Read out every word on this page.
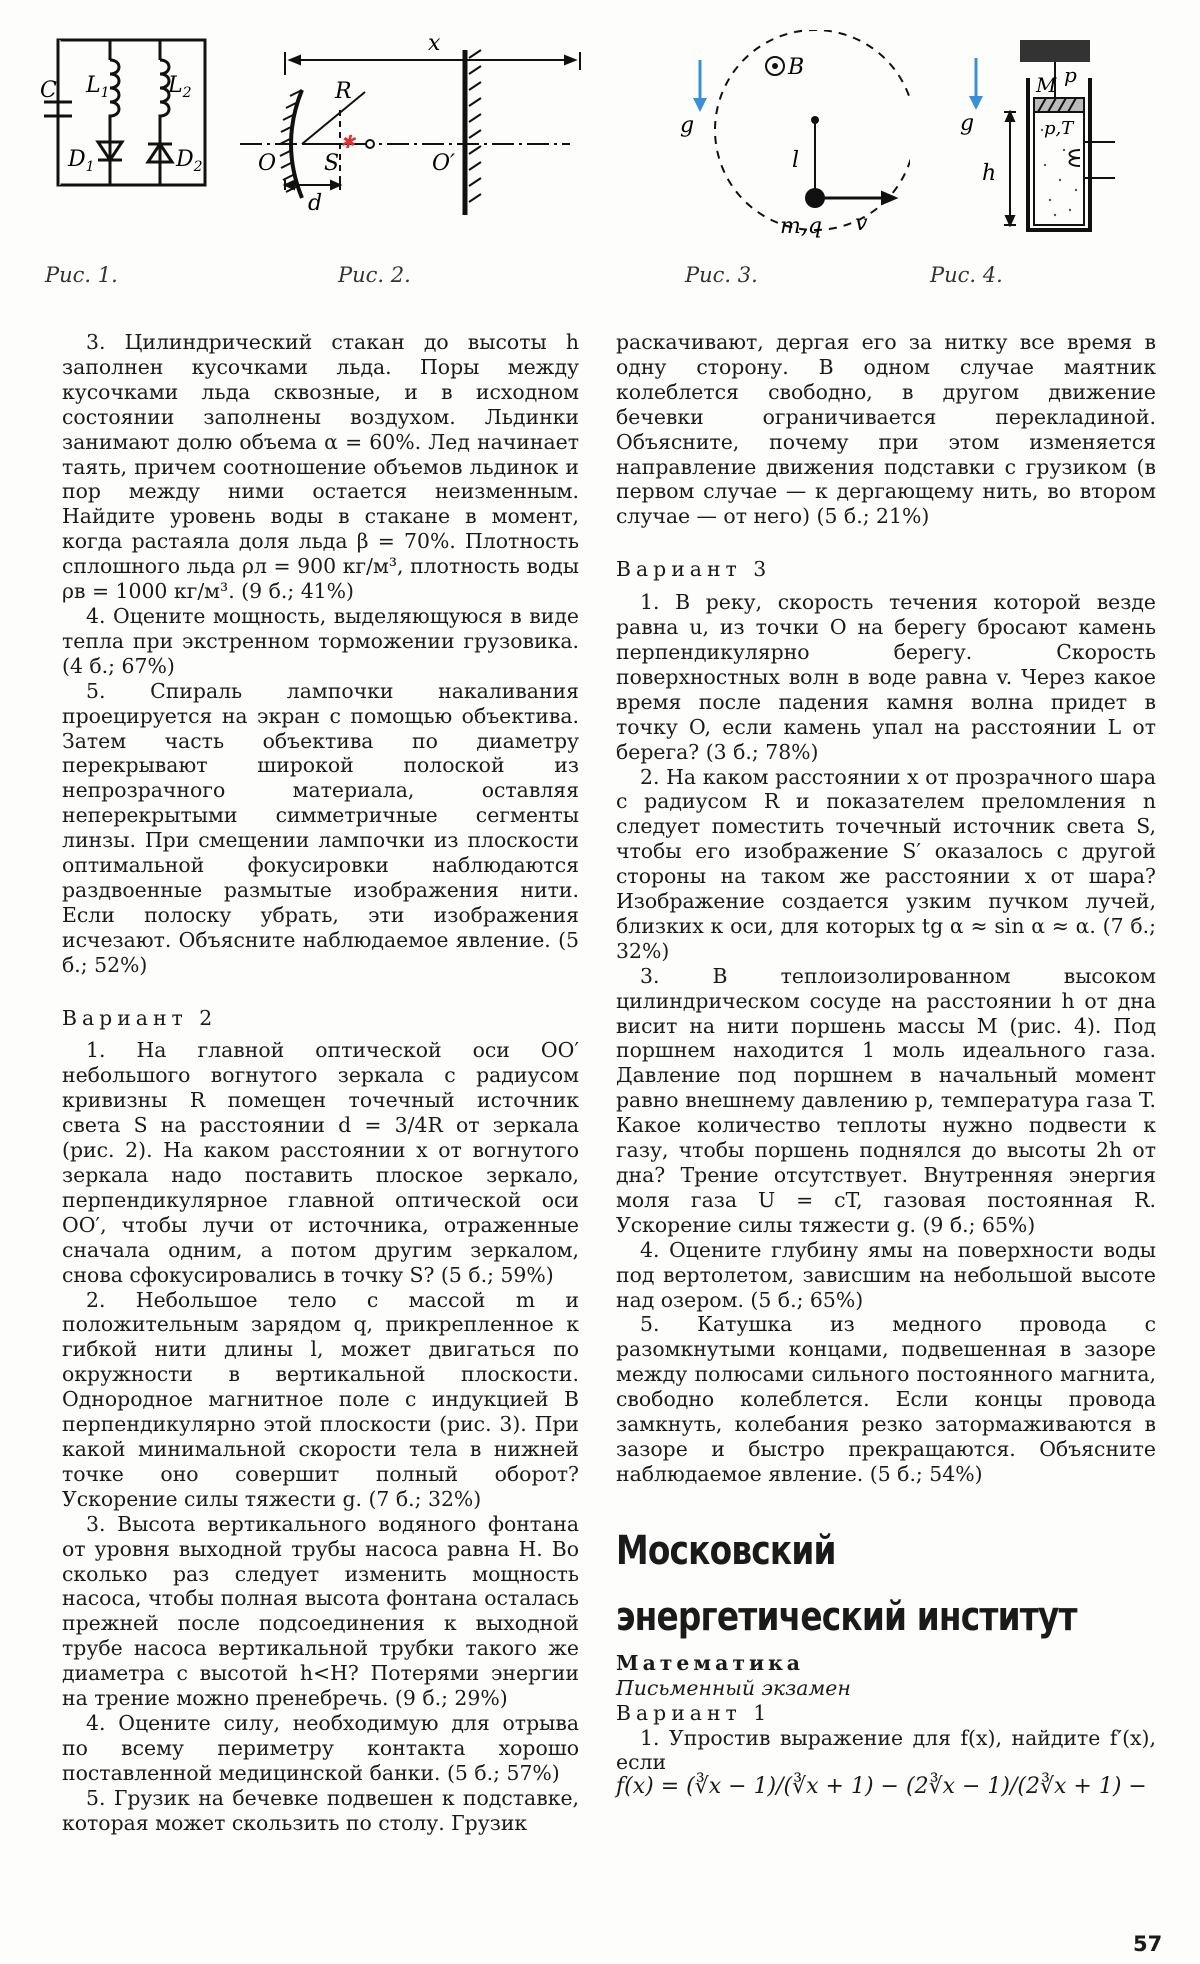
C $L_1$	$L_2$
$D_1$	$D_2$
✱
x
R
O S	O′
d
g
B
l
m,q v
g
M p
p,T
h
Рис. 1.	Рис. 2.	Рис. 3.	Рис. 4.

3. Цилиндрический стакан до высоты h заполнен кусочками льда. Поры между кусочками льда сквозные, и в исходном состоянии заполнены воздухом. Льдинки занимают долю объема α = 60%. Лед начинает таять, причем соотношение объемов льдинок и пор между ними остается неизменным. Найдите уровень воды в стакане в момент, когда растаяла доля льда β = 70%. Плотность сплошного льда ρл = 900 кг/м³, плотность воды ρв = 1000 кг/м³. (9 б.; 41%)

4. Оцените мощность, выделяющуюся в виде тепла при экстренном торможении грузовика. (4 б.; 67%)

5. Спираль лампочки накаливания проецируется на экран с помощью объектива. Затем часть объектива по диаметру перекрывают широкой полоской из непрозрачного материала, оставляя неперекрытыми симметричные сегменты линзы. При смещении лампочки из плоскости оптимальной фокусировки наблюдаются раздвоенные размытые изображения нити. Если полоску убрать, эти изображения исчезают. Объясните наблюдаемое явление. (5 б.; 52%)

Вариант 2

1. На главной оптической оси OO′ небольшого вогнутого зеркала с радиусом кривизны R помещен точечный источник света S на расстоянии d = 3/4R от зеркала (рис. 2). На каком расстоянии x от вогнутого зеркала надо поставить плоское зеркало, перпендикулярное главной оптической оси OO′, чтобы лучи от источника, отраженные сначала одним, а потом другим зеркалом, снова сфокусировались в точку S? (5 б.; 59%)

2. Небольшое тело с массой m и положительным зарядом q, прикрепленное к гибкой нити длины l, может двигаться по окружности в вертикальной плоскости. Однородное магнитное поле с индукцией B перпендикулярно этой плоскости (рис. 3). При какой минимальной скорости тела в нижней точке оно совершит полный оборот? Ускорение силы тяжести g. (7 б.; 32%)

3. Высота вертикального водяного фонтана от уровня выходной трубы насоса равна H. Во сколько раз следует изменить мощность насоса, чтобы полная высота фонтана осталась прежней после подсоединения к выходной трубе насоса вертикальной трубки такого же диаметра с высотой h<H? Потерями энергии на трение можно пренебречь. (9 б.; 29%)

4. Оцените силу, необходимую для отрыва по всему периметру контакта хорошо поставленной медицинской банки. (5 б.; 57%)

5. Грузик на бечевке подвешен к подставке, которая может скользить по столу. Грузик

раскачивают, дергая его за нитку все время в одну сторону. В одном случае маятник колеблется свободно, в другом движение бечевки ограничивается перекладиной. Объясните, почему при этом изменяется направление движения подставки с грузиком (в первом случае — к дергающему нить, во втором случае — от него) (5 б.; 21%)

Вариант 3

1. В реку, скорость течения которой везде равна u, из точки O на берегу бросают камень перпендикулярно берегу. Скорость поверхностных волн в воде равна v. Через какое время после падения камня волна придет в точку O, если камень упал на расстоянии L от берега? (3 б.; 78%)

2. На каком расстоянии x от прозрачного шара с радиусом R и показателем преломления n следует поместить точечный источник света S, чтобы его изображение S′ оказалось с другой стороны на таком же расстоянии x от шара? Изображение создается узким пучком лучей, близких к оси, для которых tg α ≈ sin α ≈ α. (7 б.; 32%)

3. В теплоизолированном высоком цилиндрическом сосуде на расстоянии h от дна висит на нити поршень массы M (рис. 4). Под поршнем находится 1 моль идеального газа. Давление под поршнем в начальный момент равно внешнему давлению p, температура газа T. Какое количество теплоты нужно подвести к газу, чтобы поршень поднялся до высоты 2h от дна? Трение отсутствует. Внутренняя энергия моля газа U = cT, газовая постоянная R. Ускорение силы тяжести g. (9 б.; 65%)

4. Оцените глубину ямы на поверхности воды под вертолетом, зависшим на небольшой высоте над озером. (5 б.; 65%)

5. Катушка из медного провода с разомкнутыми концами, подвешенная в зазоре между полюсами сильного постоянного магнита, свободно колеблется. Если концы провода замкнуть, колебания резко затормаживаются в зазоре и быстро прекращаются. Объясните наблюдаемое явление. (5 б.; 54%)

Московский
энергетический институт

Математика

Письменный экзамен

Вариант 1

1. Упростив выражение для f(x), найдите f′(x), если

f(x) = (∛x − 1)/(∛x + 1) − (2∛x − 1)/(2∛x + 1) −

57
